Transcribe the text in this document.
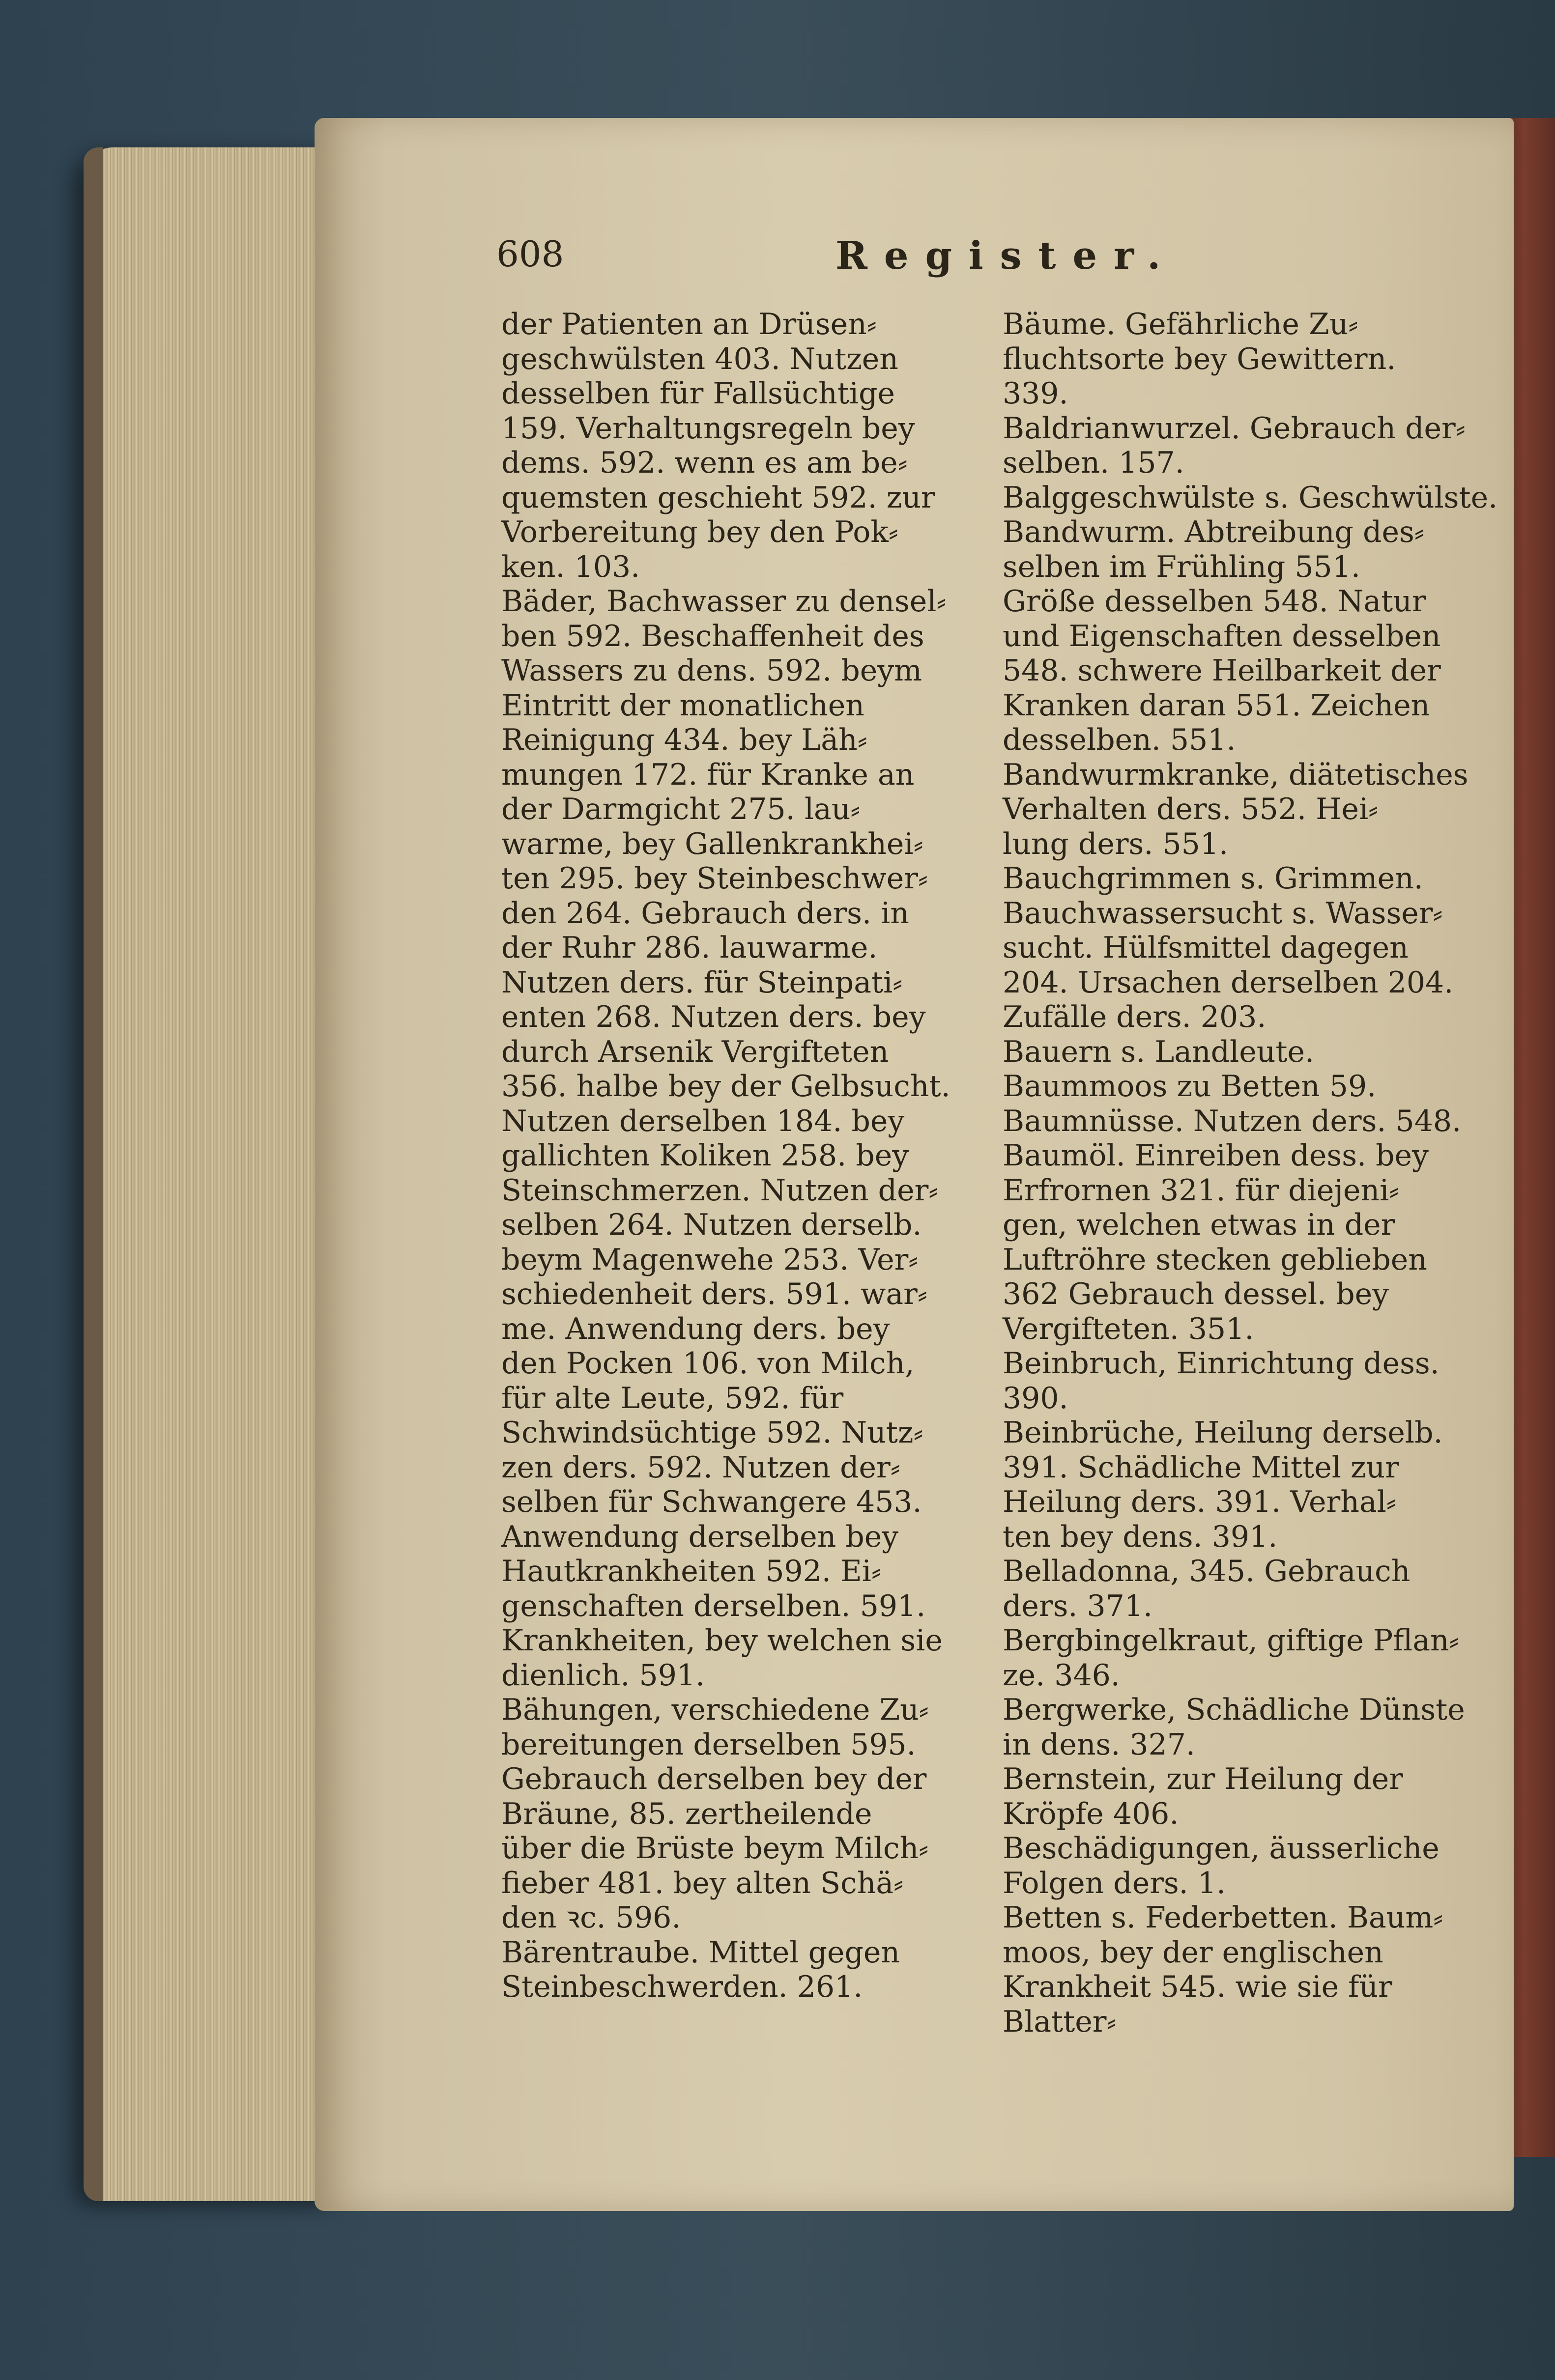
608	Register.
der Patienten an Drüsen⸗
geschwülsten 403. Nutzen
desselben für Fallsüchtige
159. Verhaltungsregeln bey
dems. 592. wenn es am be⸗
quemsten geschieht 592. zur
Vorbereitung bey den Pok⸗
ken. 103.
Bäder, Bachwasser zu densel⸗
ben 592. Beschaffenheit des
Wassers zu dens. 592. beym
Eintritt der monatlichen
Reinigung 434. bey Läh⸗
mungen 172. für Kranke an
der Darmgicht 275. lau⸗
warme, bey Gallenkrankhei⸗
ten 295. bey Steinbeschwer⸗
den 264. Gebrauch ders. in
der Ruhr 286. lauwarme.
Nutzen ders. für Steinpati⸗
enten 268. Nutzen ders. bey
durch Arsenik Vergifteten
356. halbe bey der Gelbsucht.
Nutzen derselben 184. bey
gallichten Koliken 258. bey
Steinschmerzen. Nutzen der⸗
selben 264. Nutzen derselb.
beym Magenwehe 253. Ver⸗
schiedenheit ders. 591. war⸗
me. Anwendung ders. bey
den Pocken 106. von Milch,
für alte Leute, 592. für
Schwindsüchtige 592. Nutz⸗
zen ders. 592. Nutzen der⸗
selben für Schwangere 453.
Anwendung derselben bey
Hautkrankheiten 592. Ei⸗
genschaften derselben. 591.
Krankheiten, bey welchen sie
dienlich. 591.
Bähungen, verschiedene Zu⸗
bereitungen derselben 595.
Gebrauch derselben bey der
Bräune, 85. zertheilende
über die Brüste beym Milch⸗
fieber 481. bey alten Schä⸗
den ꝛc. 596.
Bärentraube. Mittel gegen
Steinbeschwerden. 261.
Bäume. Gefährliche Zu⸗
fluchtsorte bey Gewittern.
339.
Baldrianwurzel. Gebrauch der⸗
selben. 157.
Balggeschwülste s. Geschwülste.
Bandwurm. Abtreibung des⸗
selben im Frühling 551.
Größe desselben 548. Natur
und Eigenschaften desselben
548. schwere Heilbarkeit der
Kranken daran 551. Zeichen
desselben. 551.
Bandwurmkranke, diätetisches
Verhalten ders. 552. Hei⸗
lung ders. 551.
Bauchgrimmen s. Grimmen.
Bauchwassersucht s. Wasser⸗
sucht. Hülfsmittel dagegen
204. Ursachen derselben 204.
Zufälle ders. 203.
Bauern s. Landleute.
Baummoos zu Betten 59.
Baumnüsse. Nutzen ders. 548.
Baumöl. Einreiben dess. bey
Erfrornen 321. für diejeni⸗
gen, welchen etwas in der
Luftröhre stecken geblieben
362 Gebrauch dessel. bey
Vergifteten. 351.
Beinbruch, Einrichtung dess.
390.
Beinbrüche, Heilung derselb.
391. Schädliche Mittel zur
Heilung ders. 391. Verhal⸗
ten bey dens. 391.
Belladonna, 345. Gebrauch
ders. 371.
Bergbingelkraut, giftige Pflan⸗
ze. 346.
Bergwerke, Schädliche Dünste
in dens. 327.
Bernstein, zur Heilung der
Kröpfe 406.
Beschädigungen, äusserliche
Folgen ders. 1.
Betten s. Federbetten. Baum⸗
moos, bey der englischen
Krankheit 545. wie sie für
Blatter⸗
